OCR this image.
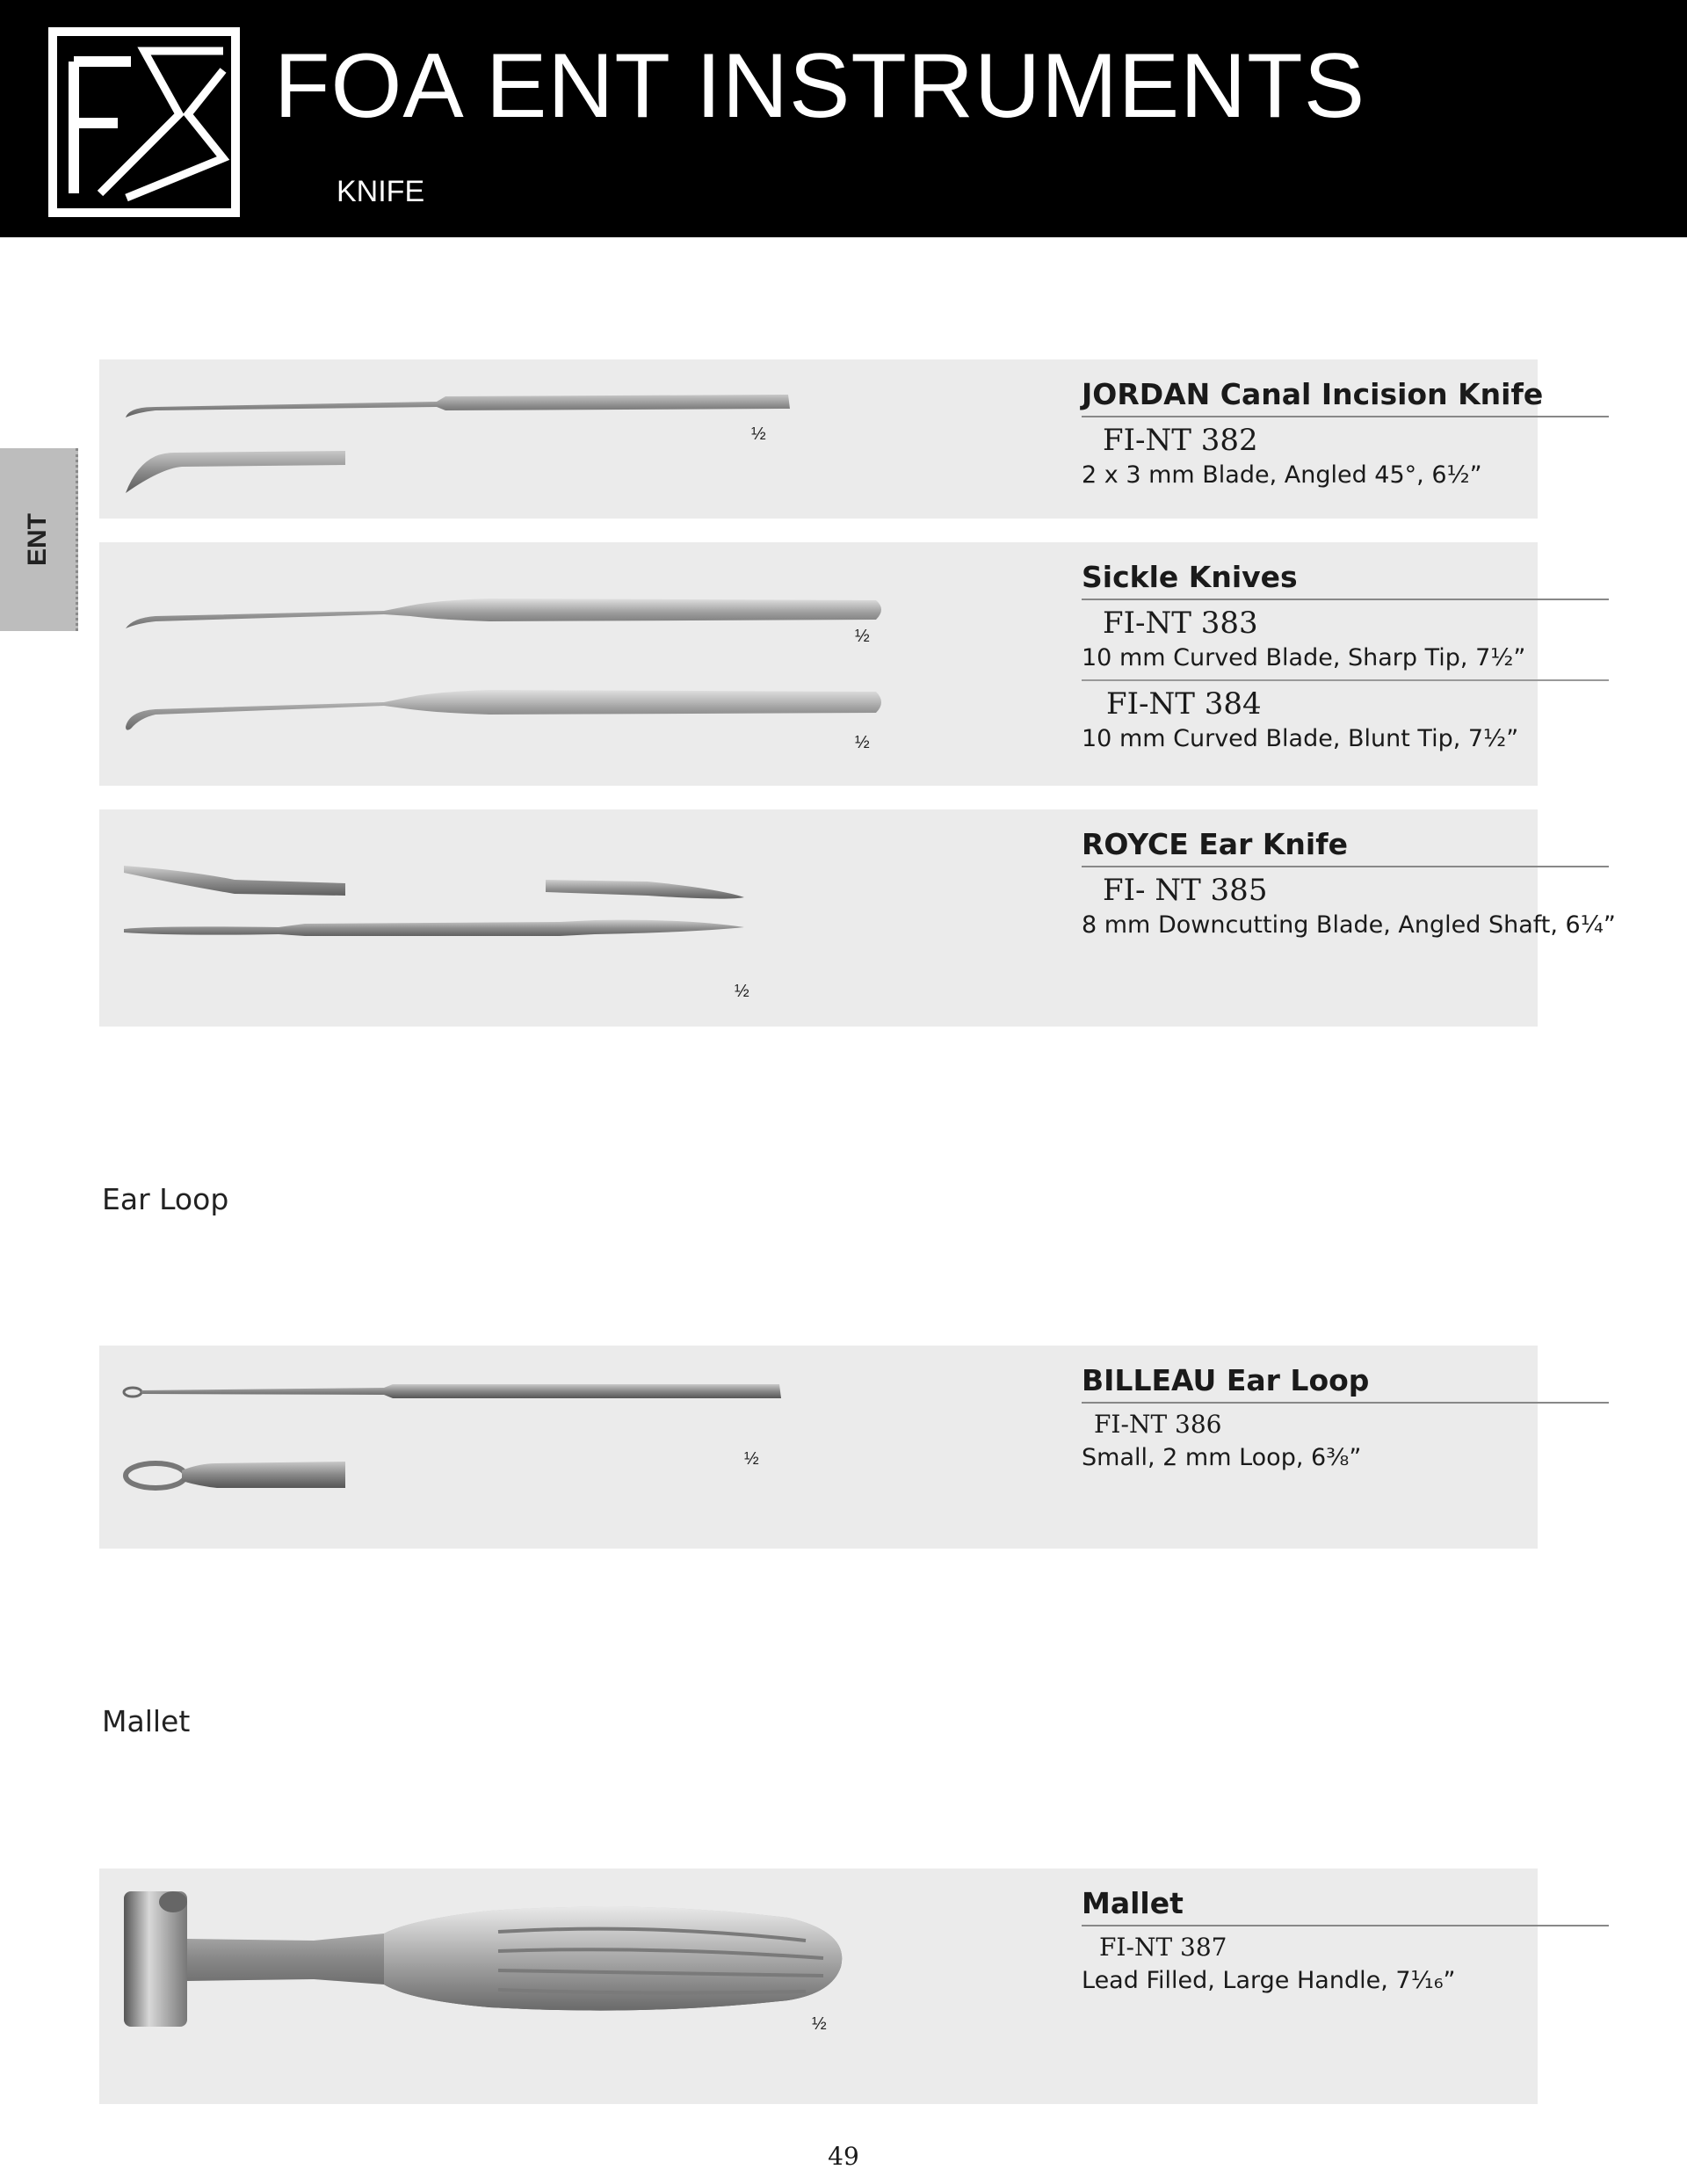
FOA ENT INSTRUMENTS
KNIFE
ENT
½
JORDAN Canal Incision Knife
FI-NT 382
2 x 3 mm Blade, Angled 45°, 6½”
½
½
Sickle Knives
FI-NT 383
10 mm Curved Blade, Sharp Tip, 7½”
FI-NT 384
10 mm Curved Blade, Blunt Tip, 7½”
½
ROYCE Ear Knife
FI- NT 385
8 mm Downcutting Blade, Angled Shaft, 6¼”
Ear Loop
½
BILLEAU Ear Loop
FI-NT 386
Small, 2 mm Loop, 6⅜”
Mallet
½
Mallet
FI-NT 387
Lead Filled, Large Handle, 7¹⁄₁₆”
49
